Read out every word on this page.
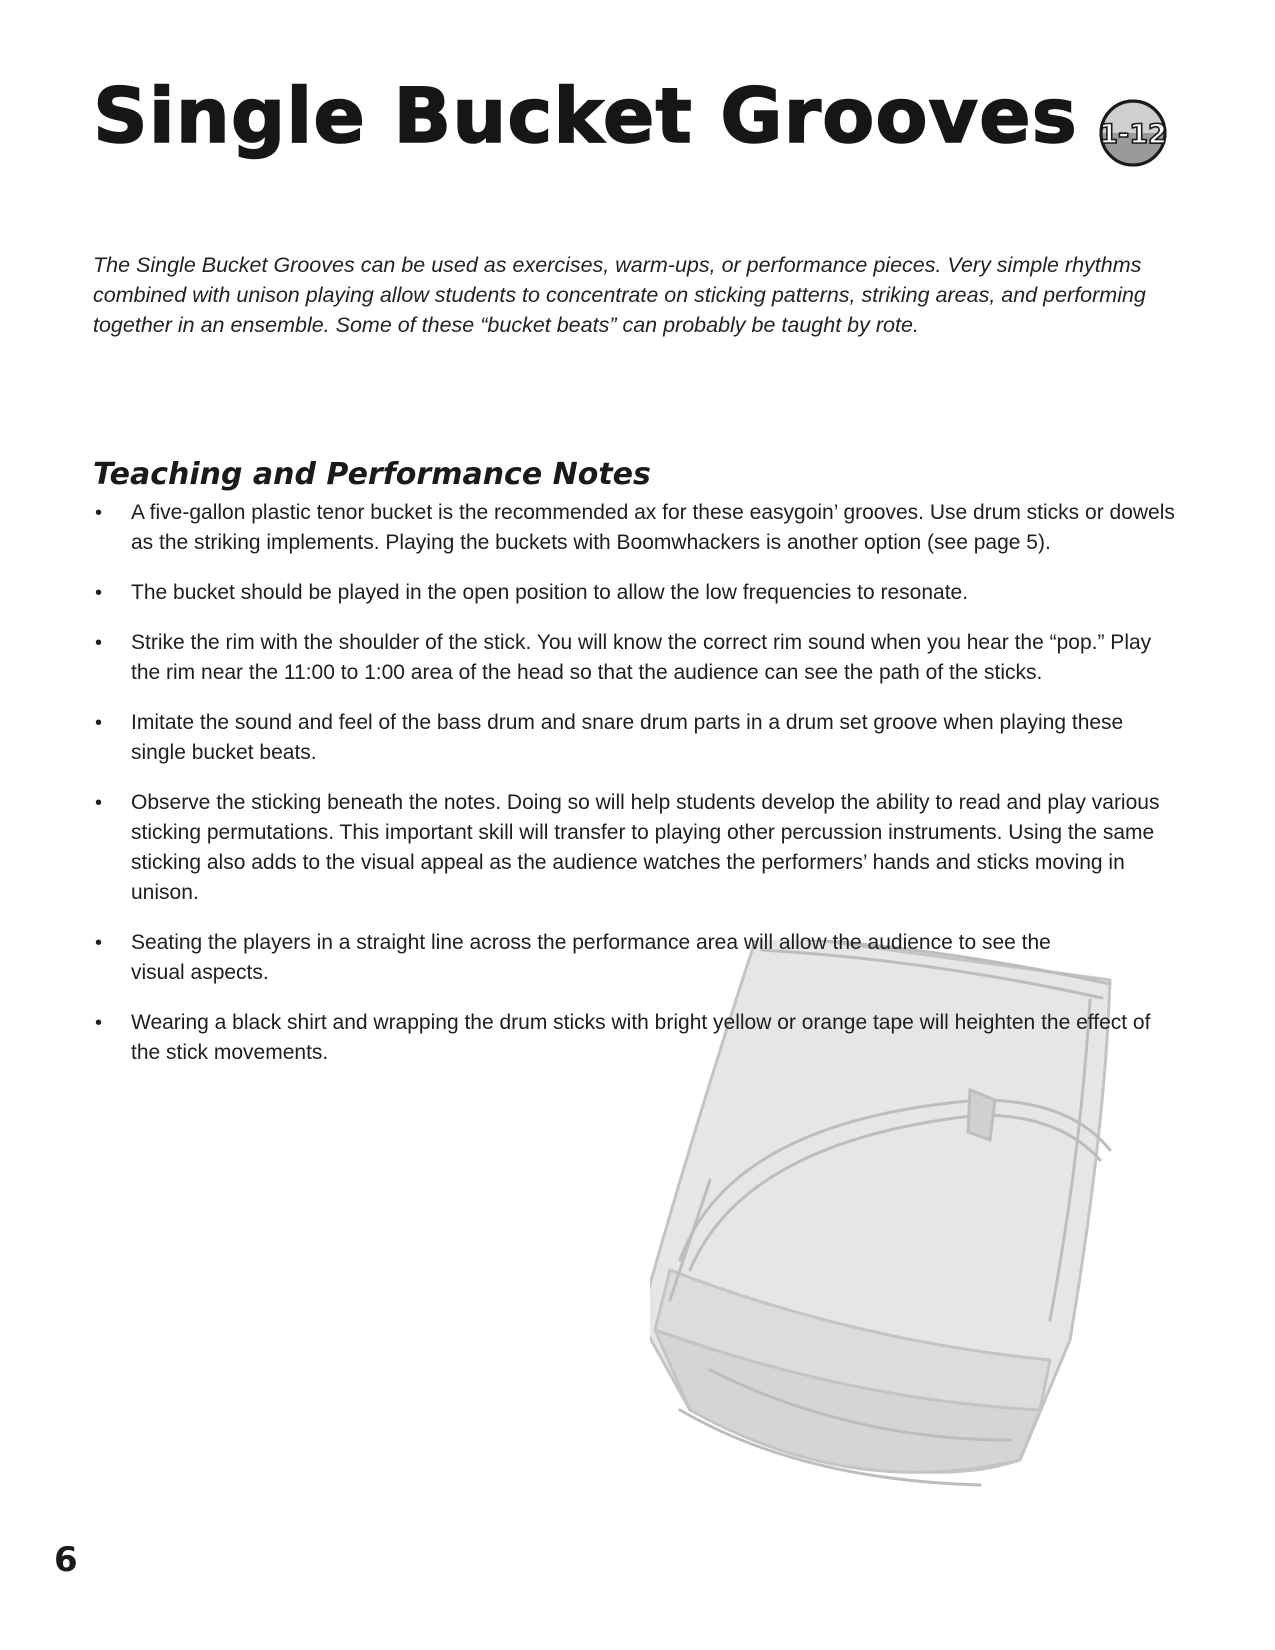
Single Bucket Grooves 1-12

The Single Bucket Grooves can be used as exercises, warm-ups, or performance pieces. Very simple rhythms combined with unison playing allow students to concentrate on sticking patterns, striking areas, and performing together in an ensemble. Some of these “bucket beats” can probably be taught by rote.

Teaching and Performance Notes
• A five-gallon plastic tenor bucket is the recommended ax for these easygoin’ grooves. Use drum sticks or dowels as the striking implements. Playing the buckets with Boomwhackers is another option (see page 5).
• The bucket should be played in the open position to allow the low frequencies to resonate.
• Strike the rim with the shoulder of the stick. You will know the correct rim sound when you hear the “pop.” Play the rim near the 11:00 to 1:00 area of the head so that the audience can see the path of the sticks.
• Imitate the sound and feel of the bass drum and snare drum parts in a drum set groove when playing these single bucket beats.
• Observe the sticking beneath the notes. Doing so will help students develop the ability to read and play various sticking permutations. This important skill will transfer to playing other percussion instruments. Using the same sticking also adds to the visual appeal as the audience watches the performers’ hands and sticks moving in unison.
• Seating the players in a straight line across the performance area will allow the audience to see the visual aspects.
• Wearing a black shirt and wrapping the drum sticks with bright yellow or orange tape will heighten the effect of the stick movements.

6
